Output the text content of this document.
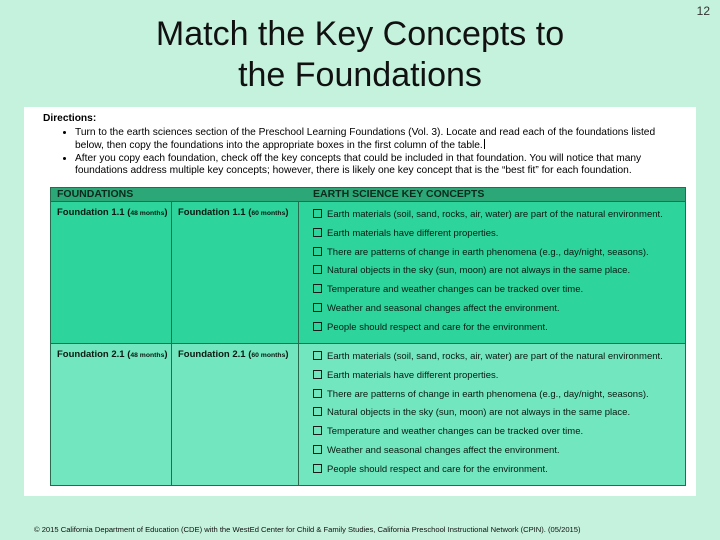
12
Match the Key Concepts to
the Foundations
Directions:
• Turn to the earth sciences section of the Preschool Learning Foundations (Vol. 3). Locate and read each of the foundations listed below, then copy the foundations into the appropriate boxes in the first column of the table.
• After you copy each foundation, check off the key concepts that could be included in that foundation. You will notice that many foundations address multiple key concepts; however, there is likely one key concept that is the “best fit” for each foundation.
FOUNDATIONS	EARTH SCIENCE KEY CONCEPTS
Foundation 1.1 (48 months) Foundation 1.1 (60 months)	Earth materials (soil, sand, rocks, air, water) are part of the natural environment.
Earth materials have different properties.
There are patterns of change in earth phenomena (e.g., day/night, seasons).
Natural objects in the sky (sun, moon) are not always in the same place.
Temperature and weather changes can be tracked over time.
Weather and seasonal changes affect the environment.
People should respect and care for the environment.
Foundation 2.1 (48 months) Foundation 2.1 (60 months)	Earth materials (soil, sand, rocks, air, water) are part of the natural environment.
Earth materials have different properties.
There are patterns of change in earth phenomena (e.g., day/night, seasons).
Natural objects in the sky (sun, moon) are not always in the same place.
Temperature and weather changes can be tracked over time.
Weather and seasonal changes affect the environment.
People should respect and care for the environment.
© 2015 California Department of Education (CDE) with the WestEd Center for Child & Family Studies, California Preschool Instructional Network (CPIN). (05/2015)
